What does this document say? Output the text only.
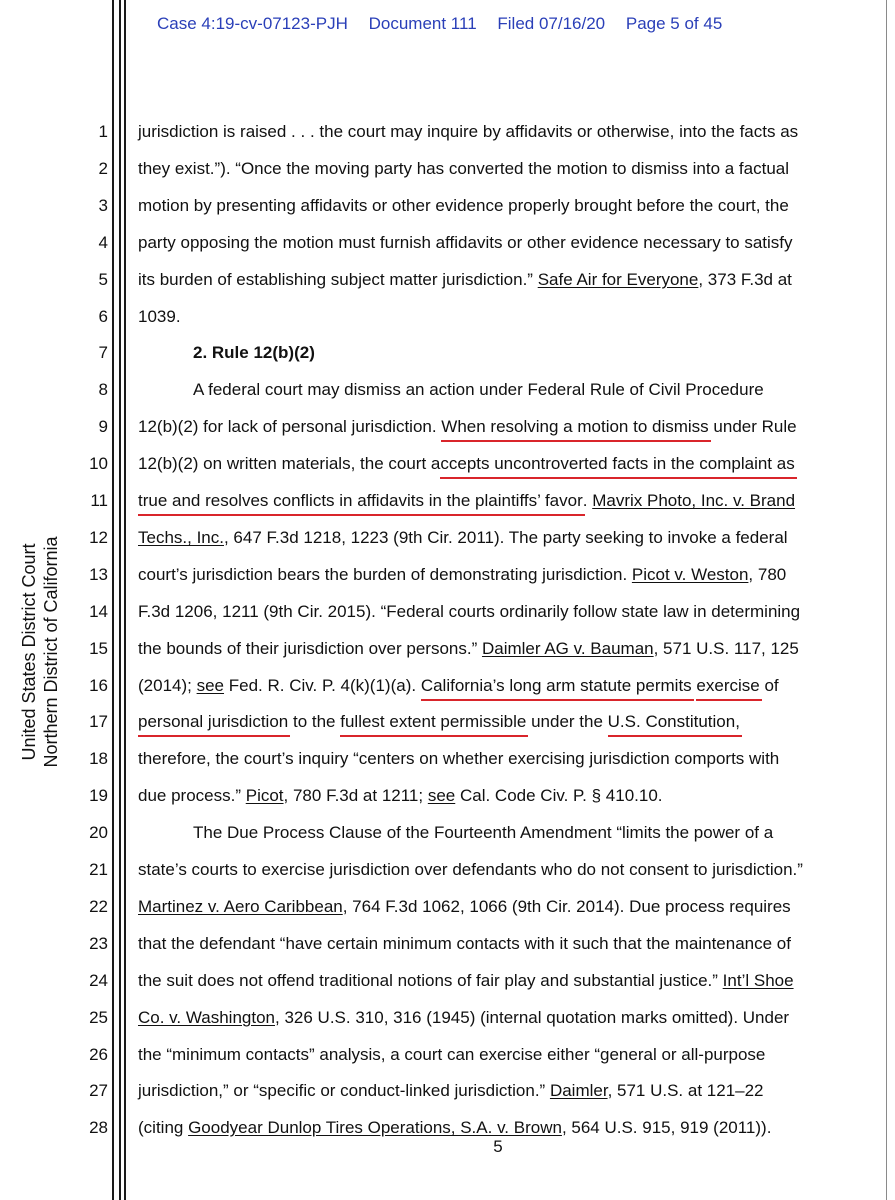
Case 4:19-cv-07123-PJH Document 111 Filed 07/16/20 Page 5 of 45
United States District Court Northern District of California
1
2
3
4
5
6
7
8
9
10
11
12
13
14
15
16
17
18
19
20
21
22
23
24
25
26
27
28
jurisdiction is raised . . . the court may inquire by affidavits or otherwise, into the facts as
they exist.”). “Once the moving party has converted the motion to dismiss into a factual
motion by presenting affidavits or other evidence properly brought before the court, the
party opposing the motion must furnish affidavits or other evidence necessary to satisfy
its burden of establishing subject matter jurisdiction.” Safe Air for Everyone, 373 F.3d at
1039.
2. Rule 12(b)(2)
A federal court may dismiss an action under Federal Rule of Civil Procedure
12(b)(2) for lack of personal jurisdiction. When resolving a motion to dismiss under Rule
12(b)(2) on written materials, the court accepts uncontroverted facts in the complaint as
true and resolves conflicts in affidavits in the plaintiffs’ favor. Mavrix Photo, Inc. v. Brand
Techs., Inc., 647 F.3d 1218, 1223 (9th Cir. 2011). The party seeking to invoke a federal
court’s jurisdiction bears the burden of demonstrating jurisdiction. Picot v. Weston, 780
F.3d 1206, 1211 (9th Cir. 2015). “Federal courts ordinarily follow state law in determining
the bounds of their jurisdiction over persons.” Daimler AG v. Bauman, 571 U.S. 117, 125
(2014); see Fed. R. Civ. P. 4(k)(1)(a). California’s long arm statute permits exercise of
personal jurisdiction to the fullest extent permissible under the U.S. Constitution,
therefore, the court’s inquiry “centers on whether exercising jurisdiction comports with
due process.” Picot, 780 F.3d at 1211; see Cal. Code Civ. P. § 410.10.
The Due Process Clause of the Fourteenth Amendment “limits the power of a
state’s courts to exercise jurisdiction over defendants who do not consent to jurisdiction.”
Martinez v. Aero Caribbean, 764 F.3d 1062, 1066 (9th Cir. 2014). Due process requires
that the defendant “have certain minimum contacts with it such that the maintenance of
the suit does not offend traditional notions of fair play and substantial justice.” Int’l Shoe
Co. v. Washington, 326 U.S. 310, 316 (1945) (internal quotation marks omitted). Under
the “minimum contacts” analysis, a court can exercise either “general or all-purpose
jurisdiction,” or “specific or conduct-linked jurisdiction.” Daimler, 571 U.S. at 121–22
(citing Goodyear Dunlop Tires Operations, S.A. v. Brown, 564 U.S. 915, 919 (2011)).
5
